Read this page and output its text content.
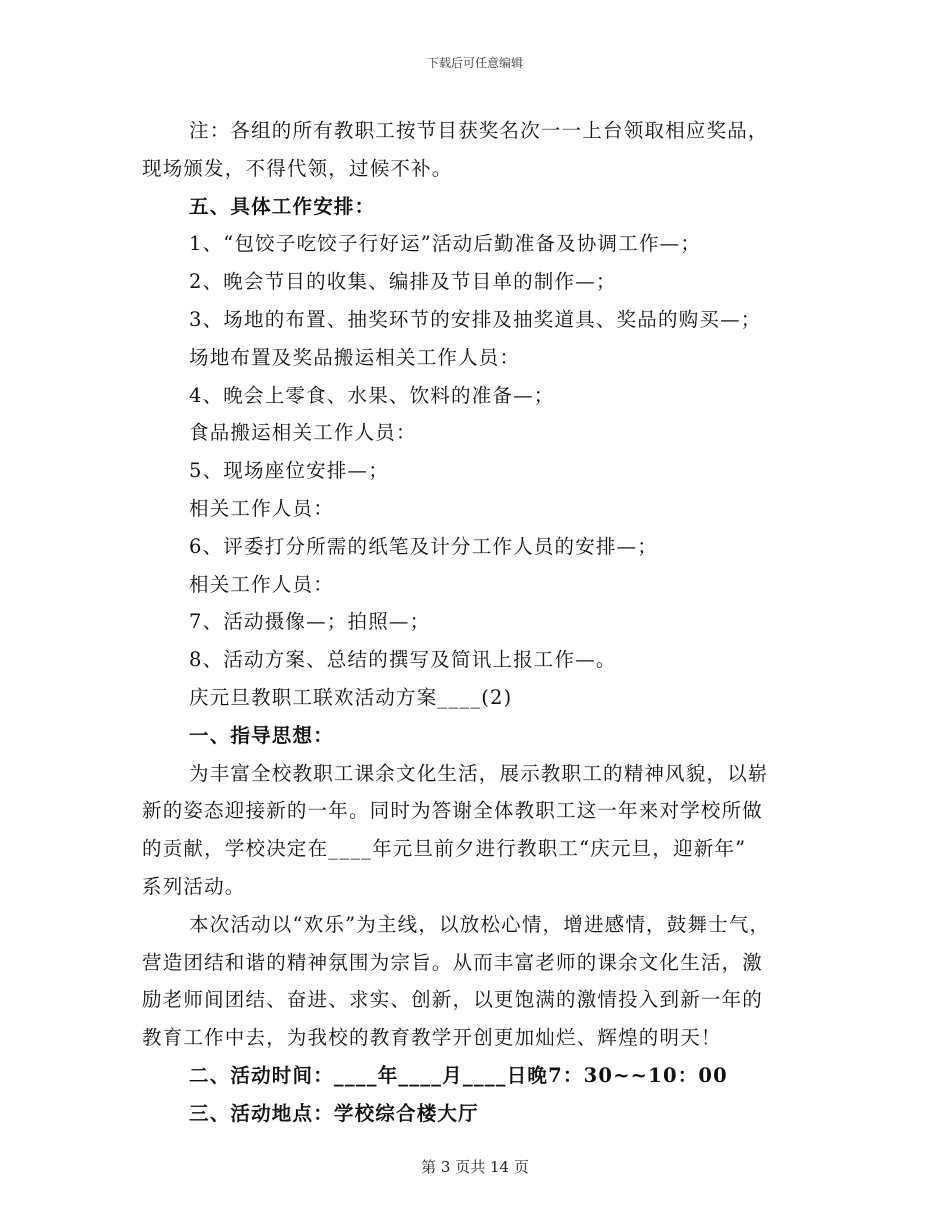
下载后可任意编辑
注：各组的所有教职工按节目获奖名次一一上台领取相应奖品，
现场颁发，不得代领，过候不补。
五、具体工作安排：
1、“包饺子吃饺子行好运”活动后勤准备及协调工作—；
2、晚会节目的收集、编排及节目单的制作—；
3、场地的布置、抽奖环节的安排及抽奖道具、奖品的购买—；
场地布置及奖品搬运相关工作人员：
4、晚会上零食、水果、饮料的准备—；
食品搬运相关工作人员：
5、现场座位安排—；
相关工作人员：
6、评委打分所需的纸笔及计分工作人员的安排—；
相关工作人员：
7、活动摄像—；拍照—；
8、活动方案、总结的撰写及简讯上报工作—。
庆元旦教职工联欢活动方案____(2)
一、指导思想：
为丰富全校教职工课余文化生活，展示教职工的精神风貌，以崭
新的姿态迎接新的一年。同时为答谢全体教职工这一年来对学校所做
的贡献，学校决定在____年元旦前夕进行教职工“庆元旦，迎新年”
系列活动。
本次活动以“欢乐”为主线，以放松心情，增进感情，鼓舞士气，
营造团结和谐的精神氛围为宗旨。从而丰富老师的课余文化生活，激
励老师间团结、奋进、求实、创新，以更饱满的激情投入到新一年的
教育工作中去，为我校的教育教学开创更加灿烂、辉煌的明天！
二、活动时间：____年____月____日晚7：30~~10：00
三、活动地点：学校综合楼大厅
第 3 页共 14 页
